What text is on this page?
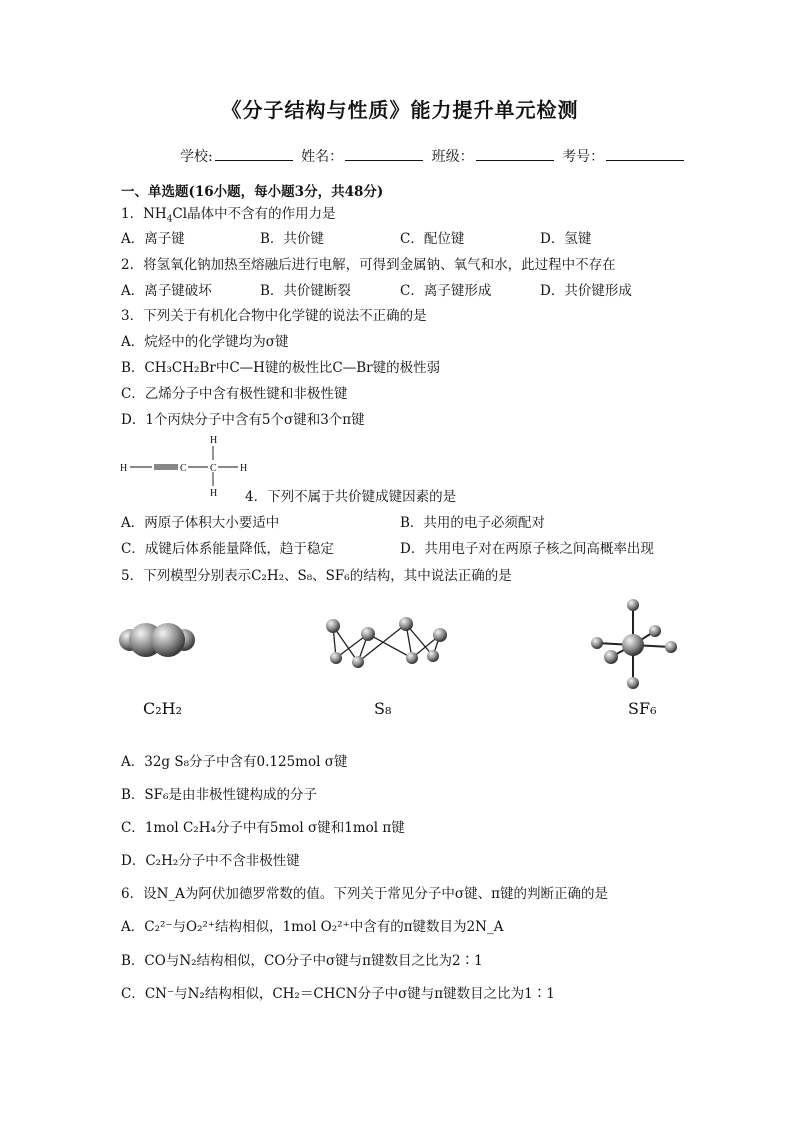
《分子结构与性质》能力提升单元检测
学校:	姓名：	班级：	考号：
一、单选题(16小题，每小题3分，共48分)
1．$NH_4Cl$晶体中不含有的作用力是
A．离子键	B．共价键	C．配位键	D．氢键
2．将氢氧化钠加热至熔融后进行电解，可得到金属钠、氧气和水，此过程中不存在
A．离子键破坏	B．共价键断裂	C．离子键形成	D．共价键形成
3．下列关于有机化合物中化学键的说法不正确的是
A．烷烃中的化学键均为σ键
B．CH₃CH₂Br中C—H键的极性比C—Br键的极性弱
C．乙烯分子中含有极性键和非极性键
D．1个丙炔分子中含有5个σ键和3个π键
H	C C H
H
H 4．下列不属于共价键成键因素的是
A．两原子体积大小要适中	B．共用的电子必须配对
C．成键后体系能量降低，趋于稳定	D．共用电子对在两原子核之间高概率出现
5．下列模型分别表示C₂H₂、S₈、SF₆的结构，其中说法正确的是
C₂H₂	S₈	SF₆
A．32g S₈分子中含有0.125mol σ键
B．SF₆是由非极性键构成的分子
C．1mol C₂H₄分子中有5mol σ键和1mol π键
D．C₂H₂分子中不含非极性键
6．设N_A为阿伏加德罗常数的值。下列关于常见分子中σ键、π键的判断正确的是
A．C₂²⁻与O₂²⁺结构相似，1mol O₂²⁺中含有的π键数目为2N_A
B．CO与N₂结构相似，CO分子中σ键与π键数目之比为2∶1
C．CN⁻与N₂结构相似，CH₂＝CHCN分子中σ键与π键数目之比为1∶1
